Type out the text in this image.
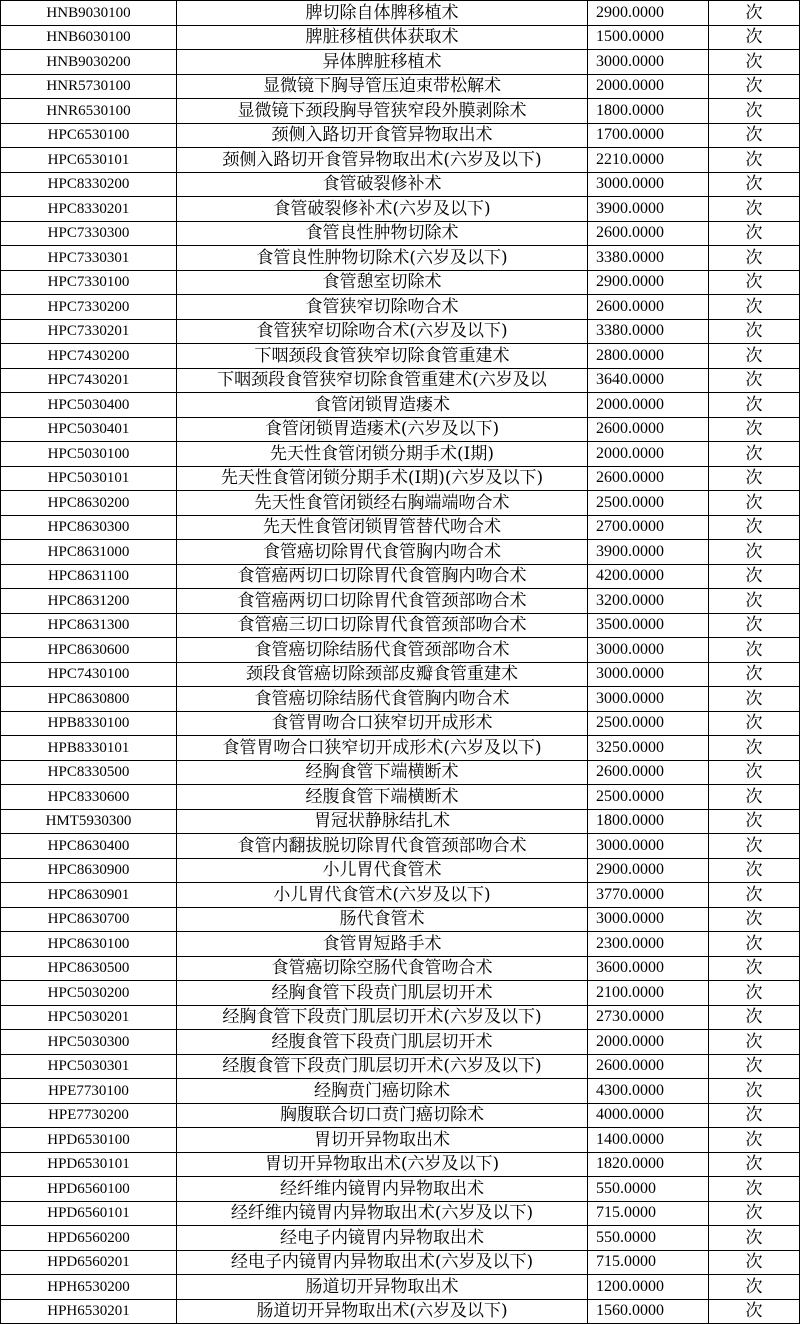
HNB9030100	脾切除自体脾移植术	2900.0000	次
HNB6030100	脾脏移植供体获取术	1500.0000	次
HNB9030200	异体脾脏移植术	3000.0000	次
HNR5730100	显微镜下胸导管压迫束带松解术	2000.0000	次
HNR6530100	显微镜下颈段胸导管狭窄段外膜剥除术	1800.0000	次
HPC6530100	颈侧入路切开食管异物取出术	1700.0000	次
HPC6530101	颈侧入路切开食管异物取出术(六岁及以下)	2210.0000	次
HPC8330200	食管破裂修补术	3000.0000	次
HPC8330201	食管破裂修补术(六岁及以下)	3900.0000	次
HPC7330300	食管良性肿物切除术	2600.0000	次
HPC7330301	食管良性肿物切除术(六岁及以下)	3380.0000	次
HPC7330100	食管憩室切除术	2900.0000	次
HPC7330200	食管狭窄切除吻合术	2600.0000	次
HPC7330201	食管狭窄切除吻合术(六岁及以下)	3380.0000	次
HPC7430200	下咽颈段食管狭窄切除食管重建术	2800.0000	次
HPC7430201	下咽颈段食管狭窄切除食管重建术(六岁及以	3640.0000	次
HPC5030400	食管闭锁胃造瘘术	2000.0000	次
HPC5030401	食管闭锁胃造瘘术(六岁及以下)	2600.0000	次
HPC5030100	先天性食管闭锁分期手术(I期)	2000.0000	次
HPC5030101	先天性食管闭锁分期手术(I期)(六岁及以下)	2600.0000	次
HPC8630200	先天性食管闭锁经右胸端端吻合术	2500.0000	次
HPC8630300	先天性食管闭锁胃管替代吻合术	2700.0000	次
HPC8631000	食管癌切除胃代食管胸内吻合术	3900.0000	次
HPC8631100	食管癌两切口切除胃代食管胸内吻合术	4200.0000	次
HPC8631200	食管癌两切口切除胃代食管颈部吻合术	3200.0000	次
HPC8631300	食管癌三切口切除胃代食管颈部吻合术	3500.0000	次
HPC8630600	食管癌切除结肠代食管颈部吻合术	3000.0000	次
HPC7430100	颈段食管癌切除颈部皮瓣食管重建术	3000.0000	次
HPC8630800	食管癌切除结肠代食管胸内吻合术	3000.0000	次
HPB8330100	食管胃吻合口狭窄切开成形术	2500.0000	次
HPB8330101	食管胃吻合口狭窄切开成形术(六岁及以下)	3250.0000	次
HPC8330500	经胸食管下端横断术	2600.0000	次
HPC8330600	经腹食管下端横断术	2500.0000	次
HMT5930300	胃冠状静脉结扎术	1800.0000	次
HPC8630400	食管内翻拔脱切除胃代食管颈部吻合术	3000.0000	次
HPC8630900	小儿胃代食管术	2900.0000	次
HPC8630901	小儿胃代食管术(六岁及以下)	3770.0000	次
HPC8630700	肠代食管术	3000.0000	次
HPC8630100	食管胃短路手术	2300.0000	次
HPC8630500	食管癌切除空肠代食管吻合术	3600.0000	次
HPC5030200	经胸食管下段贲门肌层切开术	2100.0000	次
HPC5030201	经胸食管下段贲门肌层切开术(六岁及以下)	2730.0000	次
HPC5030300	经腹食管下段贲门肌层切开术	2000.0000	次
HPC5030301	经腹食管下段贲门肌层切开术(六岁及以下)	2600.0000	次
HPE7730100	经胸贲门癌切除术	4300.0000	次
HPE7730200	胸腹联合切口贲门癌切除术	4000.0000	次
HPD6530100	胃切开异物取出术	1400.0000	次
HPD6530101	胃切开异物取出术(六岁及以下)	1820.0000	次
HPD6560100	经纤维内镜胃内异物取出术	550.0000	次
HPD6560101	经纤维内镜胃内异物取出术(六岁及以下)	715.0000	次
HPD6560200	经电子内镜胃内异物取出术	550.0000	次
HPD6560201	经电子内镜胃内异物取出术(六岁及以下)	715.0000	次
HPH6530200	肠道切开异物取出术	1200.0000	次
HPH6530201	肠道切开异物取出术(六岁及以下)	1560.0000	次
